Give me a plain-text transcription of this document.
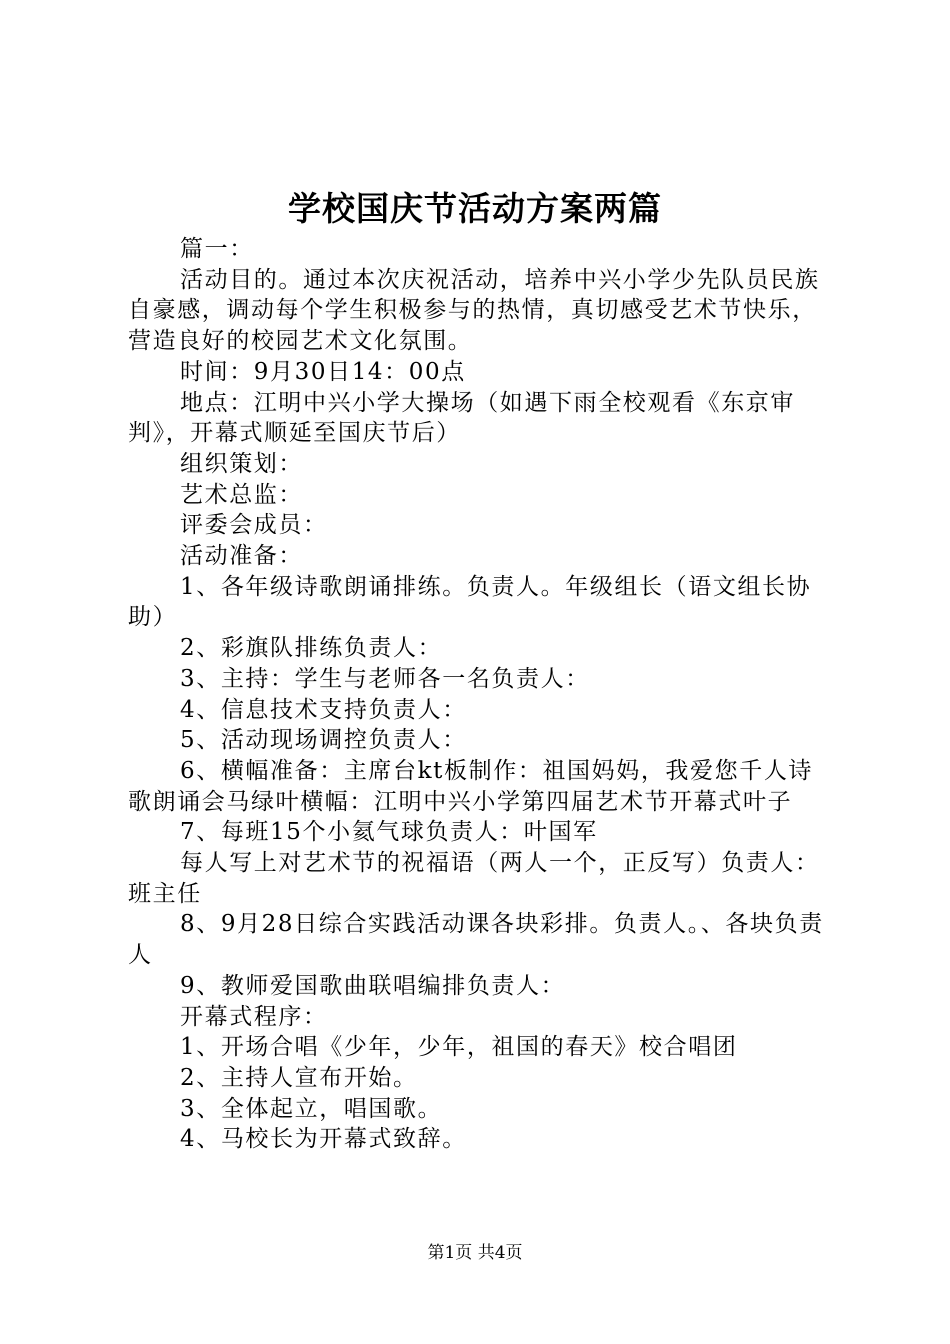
学校国庆节活动方案两篇

篇一：

活动目的。通过本次庆祝活动，培养中兴小学少先队员民族自豪感，调动每个学生积极参与的热情，真切感受艺术节快乐，营造良好的校园艺术文化氛围。

时间：9月30日14：00点

地点：江明中兴小学大操场（如遇下雨全校观看《东京审判》，开幕式顺延至国庆节后）

组织策划：

艺术总监：

评委会成员：

活动准备：

1、各年级诗歌朗诵排练。负责人。年级组长（语文组长协助）

2、彩旗队排练负责人：

3、主持：学生与老师各一名负责人：

4、信息技术支持负责人：

5、活动现场调控负责人：

6、横幅准备：主席台kt板制作：祖国妈妈，我爱您千人诗歌朗诵会马绿叶横幅：江明中兴小学第四届艺术节开幕式叶子

7、每班15个小氦气球负责人：叶国军

每人写上对艺术节的祝福语（两人一个，正反写）负责人：班主任

8、9月28日综合实践活动课各块彩排。负责人。、各块负责人

9、教师爱国歌曲联唱编排负责人：

开幕式程序：

1、开场合唱《少年，少年，祖国的春天》校合唱团

2、主持人宣布开始。

3、全体起立，唱国歌。

4、马校长为开幕式致辞。

第1页 共4页
